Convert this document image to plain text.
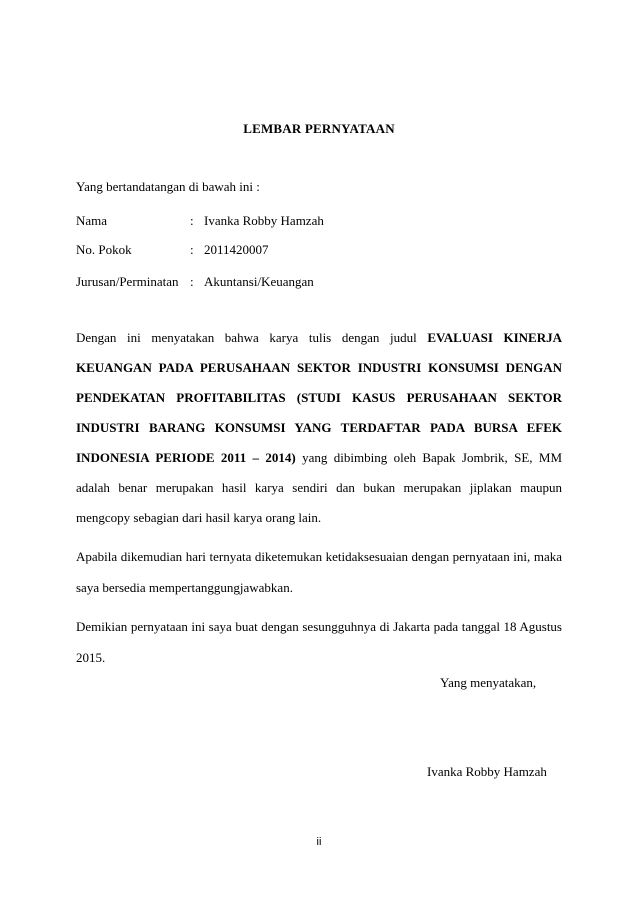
LEMBAR PERNYATAAN
Yang bertandatangan di bawah ini :
Nama	: Ivanka Robby Hamzah
No. Pokok	: 2011420007
Jurusan/Perminatan : Akuntansi/Keuangan
Dengan ini menyatakan bahwa karya tulis dengan judul EVALUASI KINERJA
KEUANGAN PADA PERUSAHAAN SEKTOR INDUSTRI KONSUMSI DENGAN
PENDEKATAN PROFITABILITAS (STUDI KASUS PERUSAHAAN SEKTOR
INDUSTRI BARANG KONSUMSI YANG TERDAFTAR PADA BURSA EFEK
INDONESIA PERIODE 2011 – 2014) yang dibimbing oleh Bapak Jombrik, SE, MM
adalah benar merupakan hasil karya sendiri dan bukan merupakan jiplakan maupun
mengcopy sebagian dari hasil karya orang lain.
Apabila dikemudian hari ternyata diketemukan ketidaksesuaian dengan pernyataan ini, maka
saya bersedia mempertanggungjawabkan.
Demikian pernyataan ini saya buat dengan sesungguhnya di Jakarta pada tanggal 18 Agustus
2015.
Yang menyatakan,
Ivanka Robby Hamzah
ii
